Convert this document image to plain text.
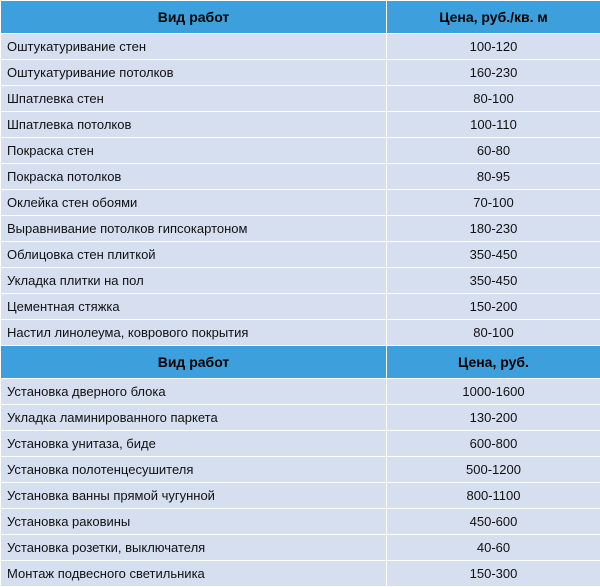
Вид работ	Цена, руб./кв. м
Оштукатуривание стен	100-120
Оштукатуривание потолков	160-230
Шпатлевка стен	80-100
Шпатлевка потолков	100-110
Покраска стен	60-80
Покраска потолков	80-95
Оклейка стен обоями	70-100
Выравнивание потолков гипсокартоном	180-230
Облицовка стен плиткой	350-450
Укладка плитки на пол	350-450
Цементная стяжка	150-200
Настил линолеума, коврового покрытия	80-100
Вид работ	Цена, руб.
Установка дверного блока	1000-1600
Укладка ламинированного паркета	130-200
Установка унитаза, биде	600-800
Установка полотенцесушителя	500-1200
Установка ванны прямой чугунной	800-1100
Установка раковины	450-600
Установка розетки, выключателя	40-60
Монтаж подвесного светильника	150-300
